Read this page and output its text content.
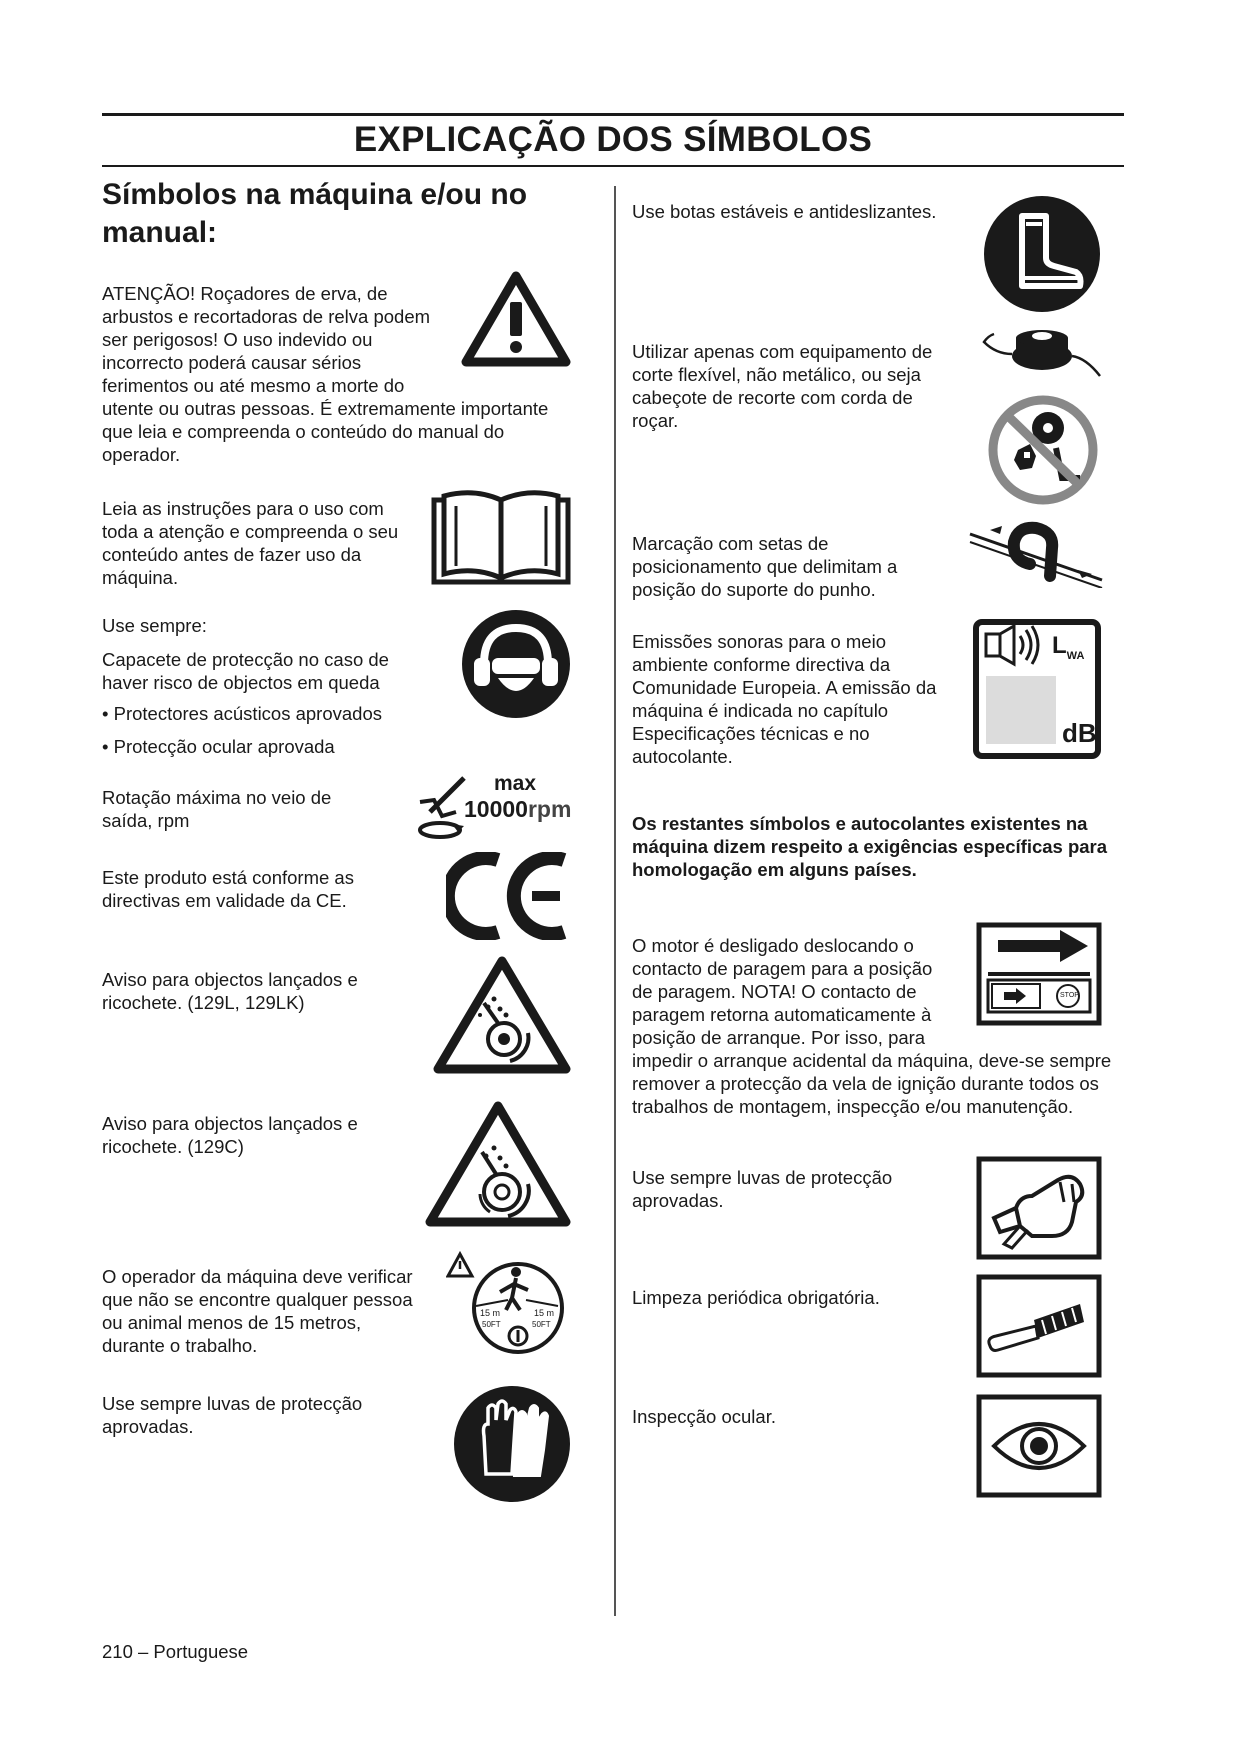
EXPLICAÇÃO DOS SÍMBOLOS
Símbolos na máquina e/ou no manual:

ATENÇÃO! Roçadores de erva, de arbustos e recortadoras de relva podem ser perigosos! O uso indevido ou incorrecto poderá causar sérios ferimentos ou até mesmo a morte do

utente ou outras pessoas. É extremamente importante que leia e compreenda o conteúdo do manual do operador.

Leia as instruções para o uso com toda a atenção e compreenda o seu conteúdo antes de fazer uso da máquina.

Use sempre:

Capacete de protecção no caso de haver risco de objectos em queda

• Protectores acústicos aprovados

• Protecção ocular aprovada

Rotação máxima no veio de saída, rpm

max
10000rpm

Este produto está conforme as directivas em validade da CE.

Aviso para objectos lançados e ricochete. (129L, 129LK)

Aviso para objectos lançados e ricochete. (129C)

O operador da máquina deve verificar que não se encontre qualquer pessoa ou animal menos de 15 metros, durante o trabalho.

15 m	15 m
50FT	50FT

Use sempre luvas de protecção aprovadas.

Use botas estáveis e antideslizantes.

Utilizar apenas com equipamento de corte flexível, não metálico, ou seja cabeçote de recorte com corda de roçar.

Marcação com setas de posicionamento que delimitam a posição do suporte do punho.

Emissões sonoras para o meio ambiente conforme directiva da Comunidade Europeia. A emissão da máquina é indicada no capítulo Especificações técnicas e no autocolante.

$L_{WA}$
dB

Os restantes símbolos e autocolantes existentes na máquina dizem respeito a exigências específicas para homologação em alguns países.

O motor é desligado deslocando o contacto de paragem para a posição de paragem. NOTA! O contacto de paragem retorna automaticamente à posição de arranque. Por isso, para

impedir o arranque acidental da máquina, deve-se sempre remover a protecção da vela de ignição durante todos os trabalhos de montagem, inspecção e/ou manutenção.

STOP

Use sempre luvas de protecção aprovadas.

Limpeza periódica obrigatória.

Inspecção ocular.

210 – Portuguese
